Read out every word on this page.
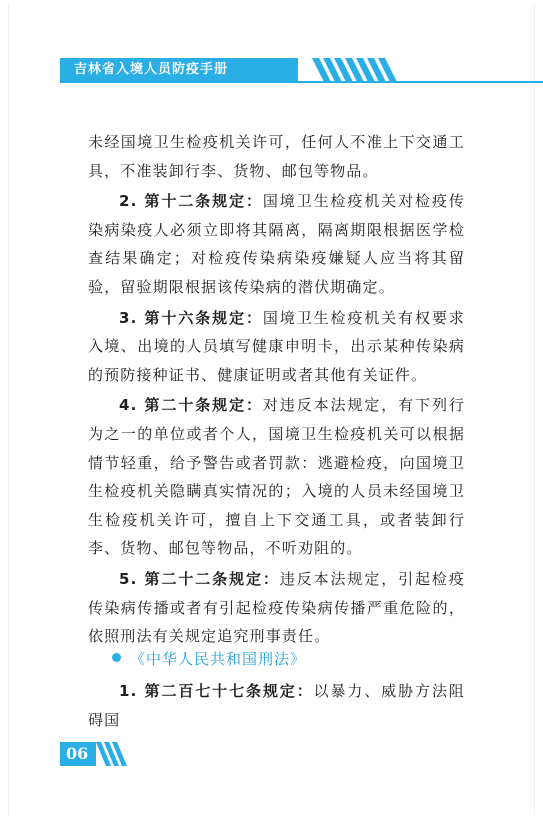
吉林省入境人员防疫手册

未经国境卫生检疫机关许可，任何人不准上下交通工具，不准装卸行李、货物、邮包等物品。

2. 第十二条规定：国境卫生检疫机关对检疫传染病染疫人必须立即将其隔离，隔离期限根据医学检查结果确定；对检疫传染病染疫嫌疑人应当将其留验，留验期限根据该传染病的潜伏期确定。

3. 第十六条规定：国境卫生检疫机关有权要求入境、出境的人员填写健康申明卡，出示某种传染病的预防接种证书、健康证明或者其他有关证件。

4. 第二十条规定：对违反本法规定，有下列行为之一的单位或者个人，国境卫生检疫机关可以根据情节轻重，给予警告或者罚款：逃避检疫，向国境卫生检疫机关隐瞒真实情况的；入境的人员未经国境卫生检疫机关许可，擅自上下交通工具，或者装卸行李、货物、邮包等物品，不听劝阻的。

5. 第二十二条规定：违反本法规定，引起检疫传染病传播或者有引起检疫传染病传播严重危险的，依照刑法有关规定追究刑事责任。

《中华人民共和国刑法》

1. 第二百七十七条规定：以暴力、威胁方法阻碍国

06
